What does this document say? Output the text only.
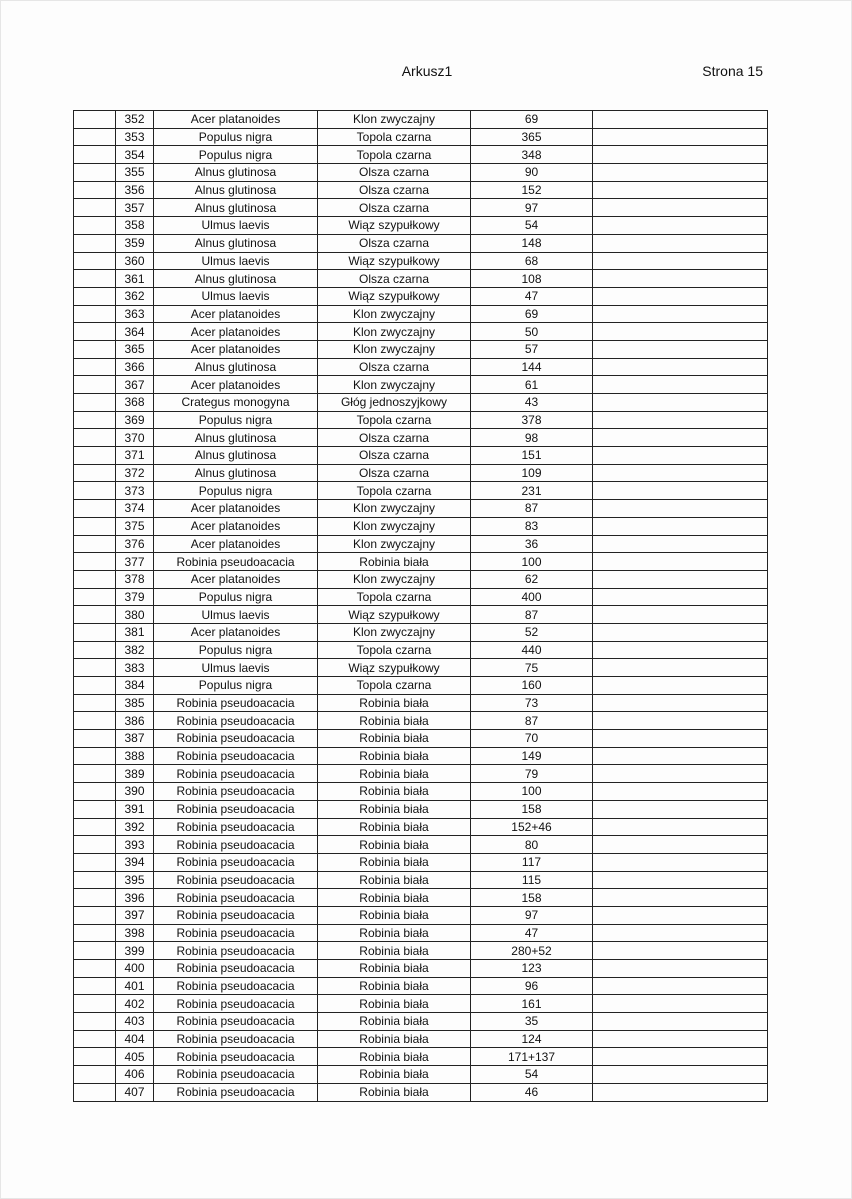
Arkusz1	Strona 15
	352	Acer platanoides	Klon zwyczajny	69	
	353	Populus nigra	Topola czarna	365	
	354	Populus nigra	Topola czarna	348	
	355	Alnus glutinosa	Olsza czarna	90	
	356	Alnus glutinosa	Olsza czarna	152	
	357	Alnus glutinosa	Olsza czarna	97	
	358	Ulmus laevis	Wiąz szypułkowy	54	
	359	Alnus glutinosa	Olsza czarna	148	
	360	Ulmus laevis	Wiąz szypułkowy	68	
	361	Alnus glutinosa	Olsza czarna	108	
	362	Ulmus laevis	Wiąz szypułkowy	47	
	363	Acer platanoides	Klon zwyczajny	69	
	364	Acer platanoides	Klon zwyczajny	50	
	365	Acer platanoides	Klon zwyczajny	57	
	366	Alnus glutinosa	Olsza czarna	144	
	367	Acer platanoides	Klon zwyczajny	61	
	368	Crategus monogyna	Głóg jednoszyjkowy	43	
	369	Populus nigra	Topola czarna	378	
	370	Alnus glutinosa	Olsza czarna	98	
	371	Alnus glutinosa	Olsza czarna	151	
	372	Alnus glutinosa	Olsza czarna	109	
	373	Populus nigra	Topola czarna	231	
	374	Acer platanoides	Klon zwyczajny	87	
	375	Acer platanoides	Klon zwyczajny	83	
	376	Acer platanoides	Klon zwyczajny	36	
	377	Robinia pseudoacacia	Robinia biała	100	
	378	Acer platanoides	Klon zwyczajny	62	
	379	Populus nigra	Topola czarna	400	
	380	Ulmus laevis	Wiąz szypułkowy	87	
	381	Acer platanoides	Klon zwyczajny	52	
	382	Populus nigra	Topola czarna	440	
	383	Ulmus laevis	Wiąz szypułkowy	75	
	384	Populus nigra	Topola czarna	160	
	385	Robinia pseudoacacia	Robinia biała	73	
	386	Robinia pseudoacacia	Robinia biała	87	
	387	Robinia pseudoacacia	Robinia biała	70	
	388	Robinia pseudoacacia	Robinia biała	149	
	389	Robinia pseudoacacia	Robinia biała	79	
	390	Robinia pseudoacacia	Robinia biała	100	
	391	Robinia pseudoacacia	Robinia biała	158	
	392	Robinia pseudoacacia	Robinia biała	152+46	
	393	Robinia pseudoacacia	Robinia biała	80	
	394	Robinia pseudoacacia	Robinia biała	117	
	395	Robinia pseudoacacia	Robinia biała	115	
	396	Robinia pseudoacacia	Robinia biała	158	
	397	Robinia pseudoacacia	Robinia biała	97	
	398	Robinia pseudoacacia	Robinia biała	47	
	399	Robinia pseudoacacia	Robinia biała	280+52	
	400	Robinia pseudoacacia	Robinia biała	123	
	401	Robinia pseudoacacia	Robinia biała	96	
	402	Robinia pseudoacacia	Robinia biała	161	
	403	Robinia pseudoacacia	Robinia biała	35	
	404	Robinia pseudoacacia	Robinia biała	124	
	405	Robinia pseudoacacia	Robinia biała	171+137	
	406	Robinia pseudoacacia	Robinia biała	54	
	407	Robinia pseudoacacia	Robinia biała	46	
